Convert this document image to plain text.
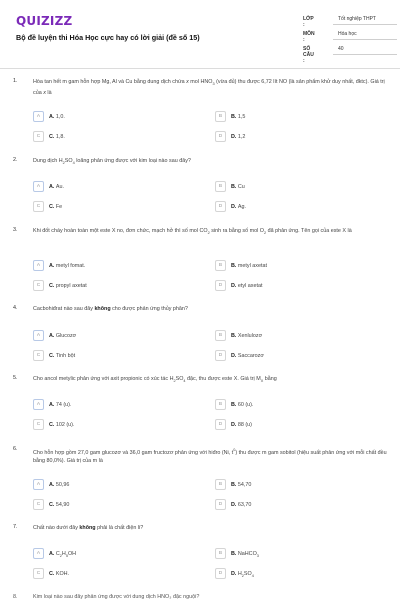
QUIZIZZ
Bộ đề luyện thi Hóa Học cực hay có lời giải (đề số 15)
LỚP :
Tốt nghiệp THPT
MÔN :
Hóa học
SỐ CÂU :
40
1.	Hòa tan hết m gam hỗn hợp Mg, Al và Cu bằng dung dịch chứa x mol $HNO_3$ (vừa đủ) thu được 6,72 lít NO (là sản phẩm khử duy nhất, đktc). Giá trị của x là
A	A. 1,0.	B	B. 1,5
C	C. 1,8.	D	D. 1,2
2.	Dung dịch $H_2SO_4$ loãng phản ứng được với kim loại nào sau đây?
A	A. Au.	B	B. Cu
C	C. Fe	D	D. Ag.
3.	Khi đốt cháy hoàn toàn một este X no, đơn chức, mạch hở thì số mol $CO_2$ sinh ra bằng số mol $O_2$ đã phản ứng. Tên gọi của este X là
A	A. metyl fomat.	B	B. metyl axetat
C	C. propyl axetat	D	D. etyl axetat
4.	Cacbohiđrat nào sau đây không cho được phản ứng thủy phân?
A	A. Glucozơ	B	B. Xenlulozơ
C	C. Tinh bột	D	D. Saccarozơ
5.	Cho ancol metylic phản ứng với axit propionic có xúc tác $H_2SO_4$ đặc, thu được este X. Giá trị $M_X$ bằng
A	A. 74 (u).	B	B. 60 (u).
C	C. 102 (u).	D	D. 88 (u)
6.
Cho hỗn hợp gồm 27,0 gam glucozơ và 36,0 gam fructozơ phản ứng với hiđro (Ni, $t^0$) thu được m gam sobitol (hiệu suất phản ứng với mỗi chất đều bằng 80,0%). Giá trị của m là
A	A. 50,96	B	B. 54,70
C	C. 54,90	D	D. 63,70
7.	Chất nào dưới đây không phải là chất điện li?
A	A. $C_2H_5OH$	B	B. NaHCO$_3$
C	C. KOH.	D	D. $H_2SO_4$
8.	Kim loại nào sau đây phản ứng được với dung dịch HNO₃ đặc nguội?
